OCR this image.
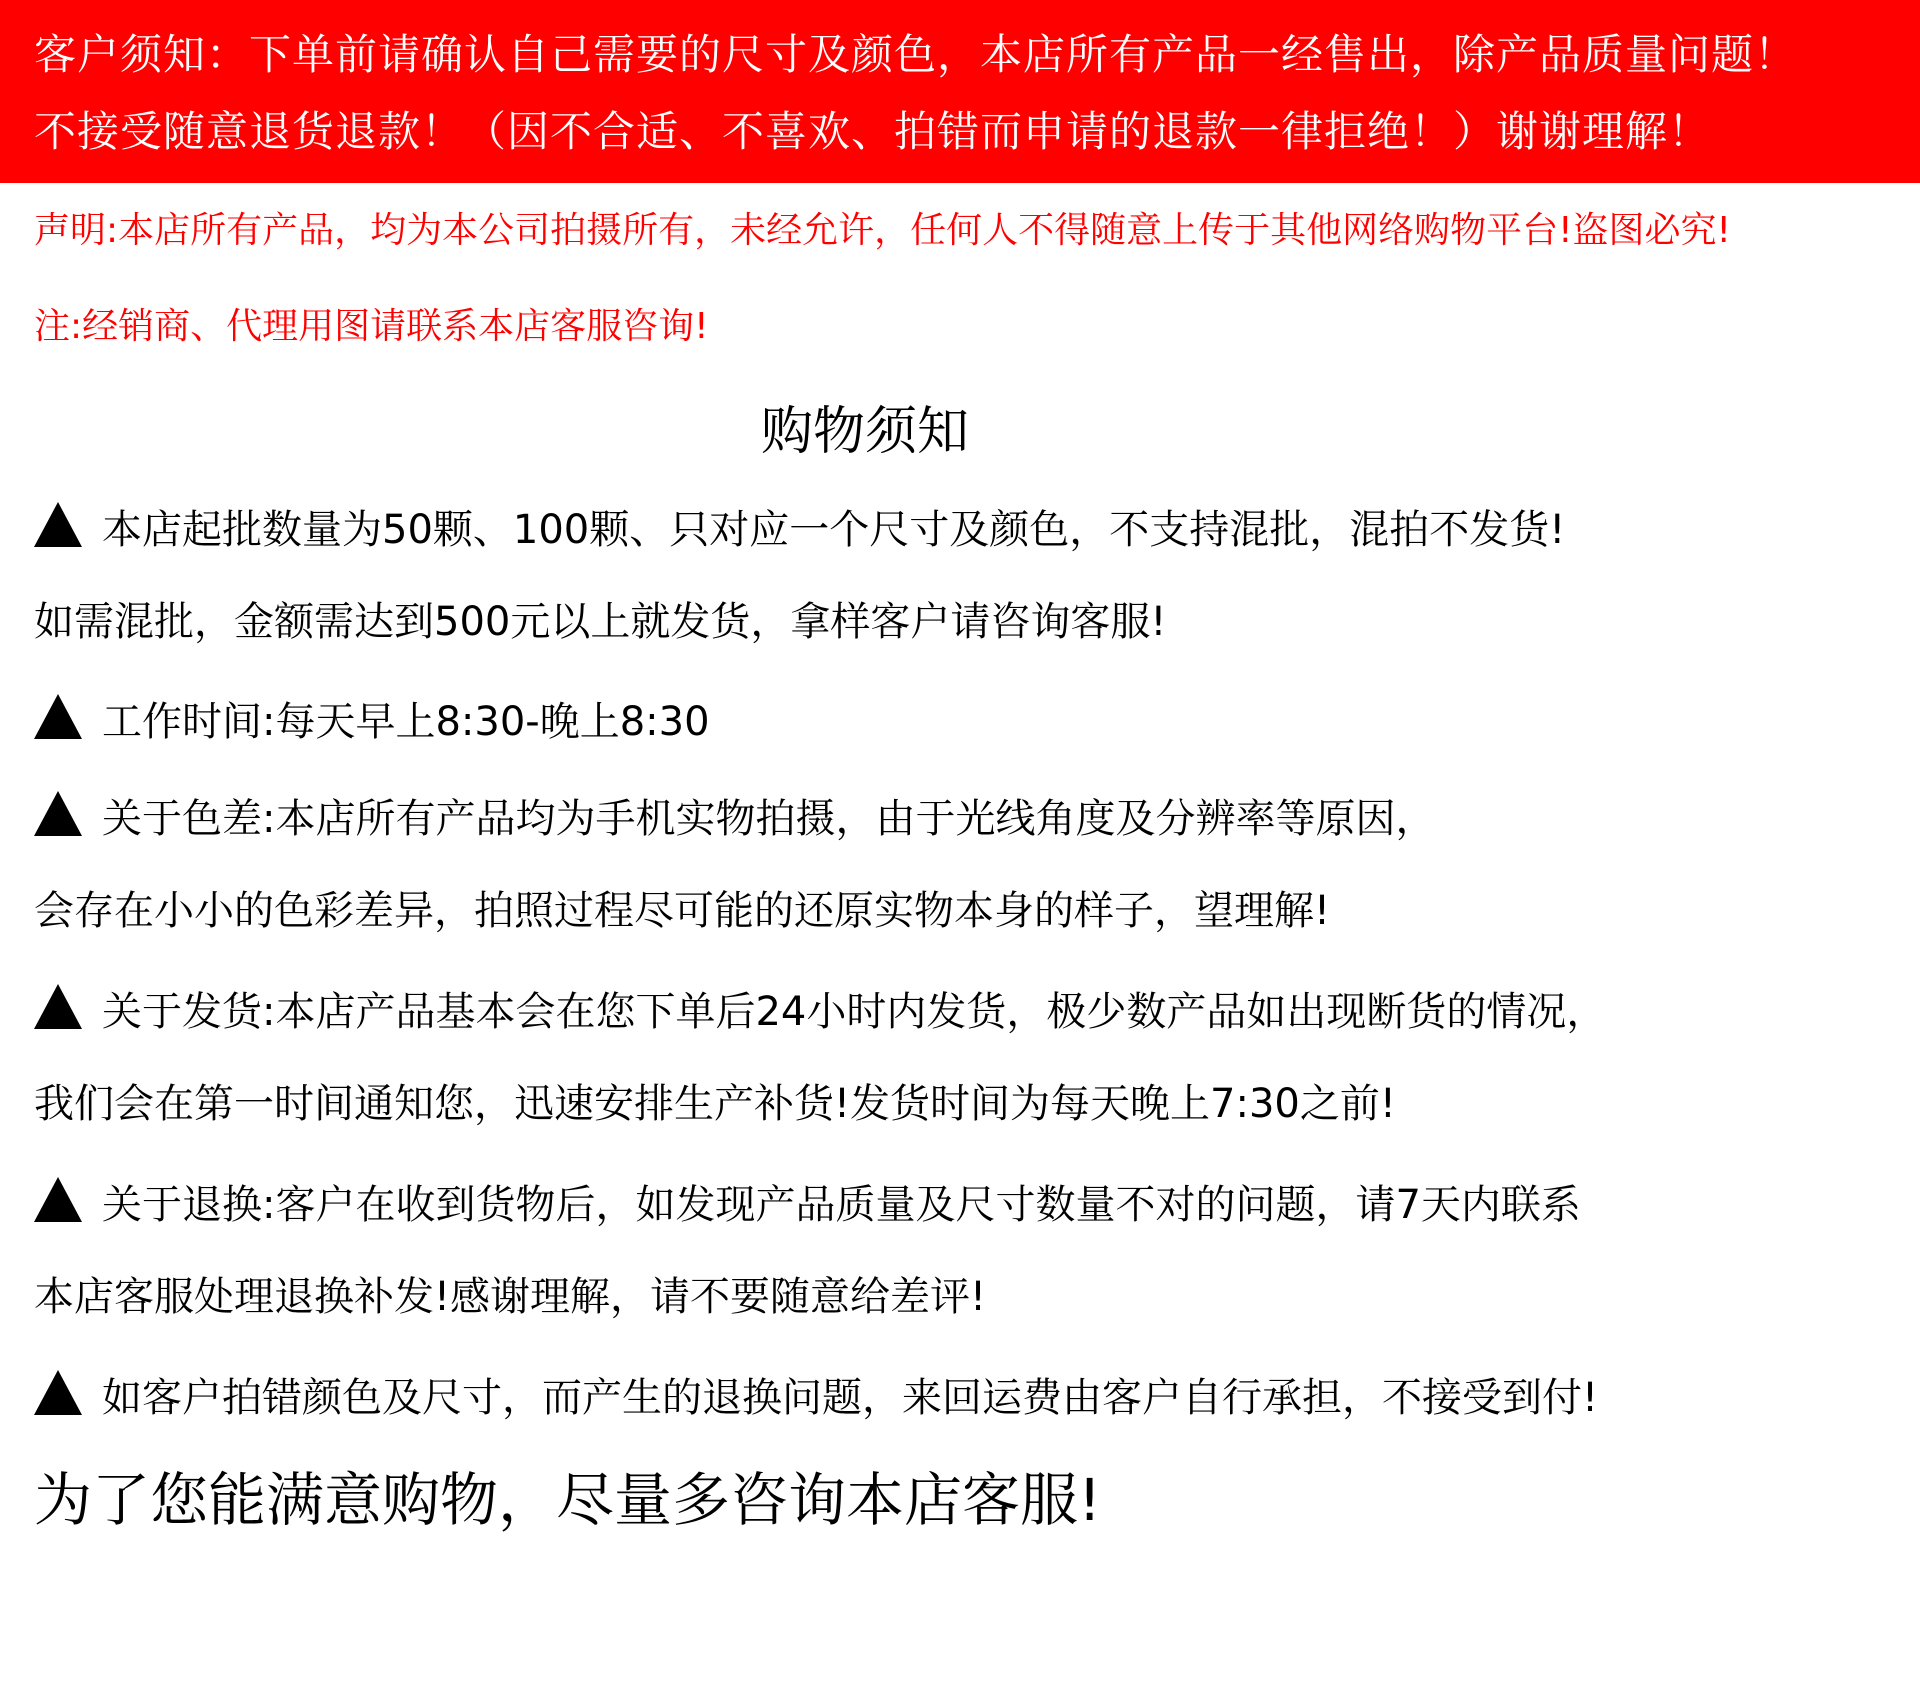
客户须知：下单前请确认自己需要的尺寸及颜色，本店所有产品一经售出，除产品质量问题！
不接受随意退货退款！（因不合适、不喜欢、拍错而申请的退款一律拒绝！）谢谢理解！
声明:本店所有产品，均为本公司拍摄所有，未经允许，任何人不得随意上传于其他网络购物平台!盗图必究!
注:经销商、代理用图请联系本店客服咨询!
购物须知
本店起批数量为50颗、100颗、只对应一个尺寸及颜色，不支持混批，混拍不发货!
如需混批，金额需达到500元以上就发货，拿样客户请咨询客服!
工作时间:每天早上8:30-晚上8:30
关于色差:本店所有产品均为手机实物拍摄，由于光线角度及分辨率等原因，
会存在小小的色彩差异，拍照过程尽可能的还原实物本身的样子，望理解!
关于发货:本店产品基本会在您下单后24小时内发货，极少数产品如出现断货的情况，
我们会在第一时间通知您，迅速安排生产补货!发货时间为每天晚上7:30之前!
关于退换:客户在收到货物后，如发现产品质量及尺寸数量不对的问题，请7天内联系
本店客服处理退换补发!感谢理解，请不要随意给差评!
如客户拍错颜色及尺寸，而产生的退换问题，来回运费由客户自行承担，不接受到付!
为了您能满意购物，尽量多咨询本店客服!
